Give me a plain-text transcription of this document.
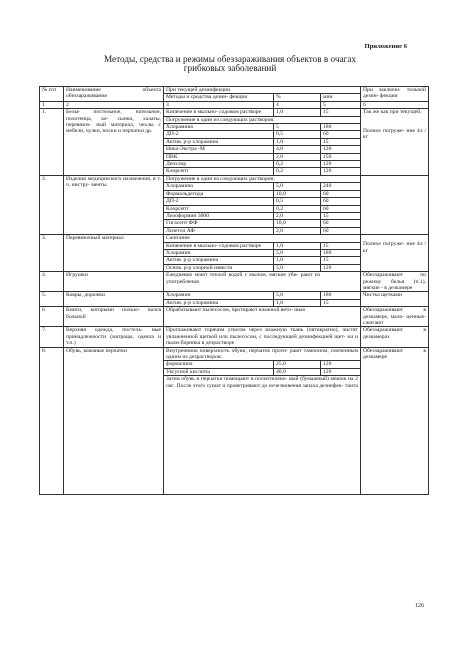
Приложение 6
Методы, средства и режимы обеззараживания объектов в очагах
грибковых заболеваний
№ п/п	Наименование объекта обеззараживания	При текущей дезинфекции			При заключи- тельной дезин- фекции
		Методы и средства дезин- фекции	%	мин	
1	2	3	4	5	6
1.	Белье постельное, нательное, полотенца, ко- сынки, халаты, перевязоч- ный материал, чехлы с мебели, чулки, носки и перчатки др.	Кипячение в мыльно- содовом растворе	1,0	15	Так же как при текущей.
Полное погруже- ние 4л / кг
		Погружение в один из следующих растворов:			
		Хлорамина	5	180	
		ДП-2	0,5	60	
		Актив. р-р хлорамина	1,0	15	
		Ника-Экстра -М	4,0	120	
		ПВК	2,0	150	
		Деохлор	0,2	120	
		Клорсепт	0,2	120	
2.	Изделия медицинского назначения, в т. ч. инстру- менты	Погружение в один из следующих растворов:			
		Хлорамина	5,0	240	
		Формальдегида	10,0	60	
		ДП-2	0,5	60	
		Клорсепт	0,2	60	
		Лизоформин 3000	2,0	15	
		Гигасепт ФФ	10,0	60	
		Лизетол АФ	2,0	60	
3.	Перевязочный материал	Сжигание			Полное погруже- ние 4л / кг
		Кипячение в мыльно- содовом растворе	1,0	15	
		Хлорамин	5,0	180	
		Актив. р-р хлорамина	1,0	15	
		Основ. р-р хлорной извести	5,0	120	
4.	Игрушки	Ежедневно моют теплой водой с мылом, мягкие уби- рают из употребления			Обеззараживают по режиму белья (п.1), мягкие - в дезкамере
5.	Ковры, дорожки	Хлорамин	5,0	180	Чистка щетками
		Актив. р-р хлорамина	1,0	15	
6.	Книги, которыми пользо- вался больной	Обрабатывают пылесосом, протирают влажной вето- шью			Обеззараживают в дезкамере, мало- ценные- сжигают
7.	Верхняя одежда, постель- ные принадлежности (матрацы, одеяла и т.п.)	Проглаживают горячим утюгом через влажную ткань (пятикратно), чистят увлажненной щеткой или пылесосом, с последующей дезинфекцией щет- ки и пылесборника в дезрастворе			Обеззараживают в дезкамерах
8.	Обувь, кожаные перчатки	Внутреннюю поверхность обуви, перчаток проти- рают тампоном, смоченным одним из дезрастворов:			Обеззараживают в дезкамере
		формалина	25,0	120	
		Уксусной кислоты	40,0	120	
		Затем обувь и перчатки помещают в полиэтилено- вый (бумажный) мешок на 2 час. После этого сушат и проветривают до исчезновения запаха дезинфек- танта			
126
